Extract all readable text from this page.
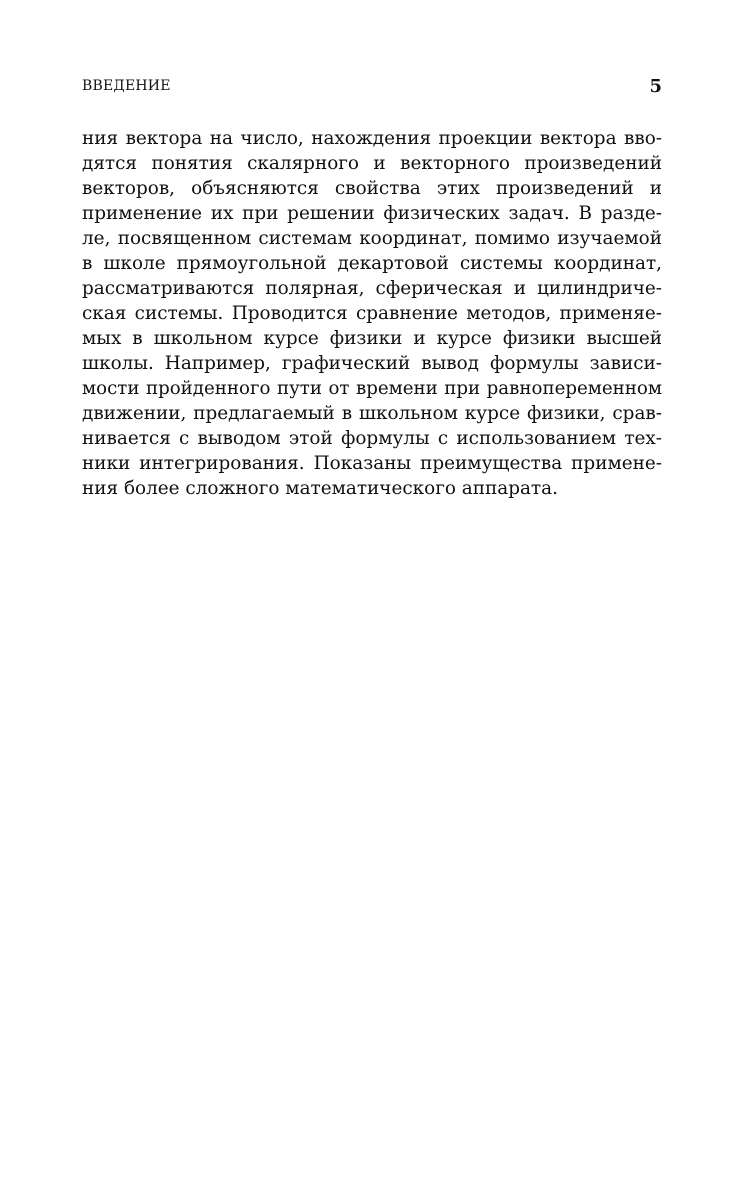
ВВЕДЕНИЕ	5
ния вектора на число, нахождения проекции вектора вво-
дятся понятия скалярного и векторного произведений
векторов, объясняются свойства этих произведений и
применение их при решении физических задач. В разде-
ле, посвященном системам координат, помимо изучаемой
в школе прямоугольной декартовой системы координат,
рассматриваются полярная, сферическая и цилиндриче-
ская системы. Проводится сравнение методов, применяе-
мых в школьном курсе физики и курсе физики высшей
школы. Например, графический вывод формулы зависи-
мости пройденного пути от времени при равнопеременном
движении, предлагаемый в школьном курсе физики, срав-
нивается с выводом этой формулы с использованием тех-
ники интегрирования. Показаны преимущества примене-
ния более сложного математического аппарата.
